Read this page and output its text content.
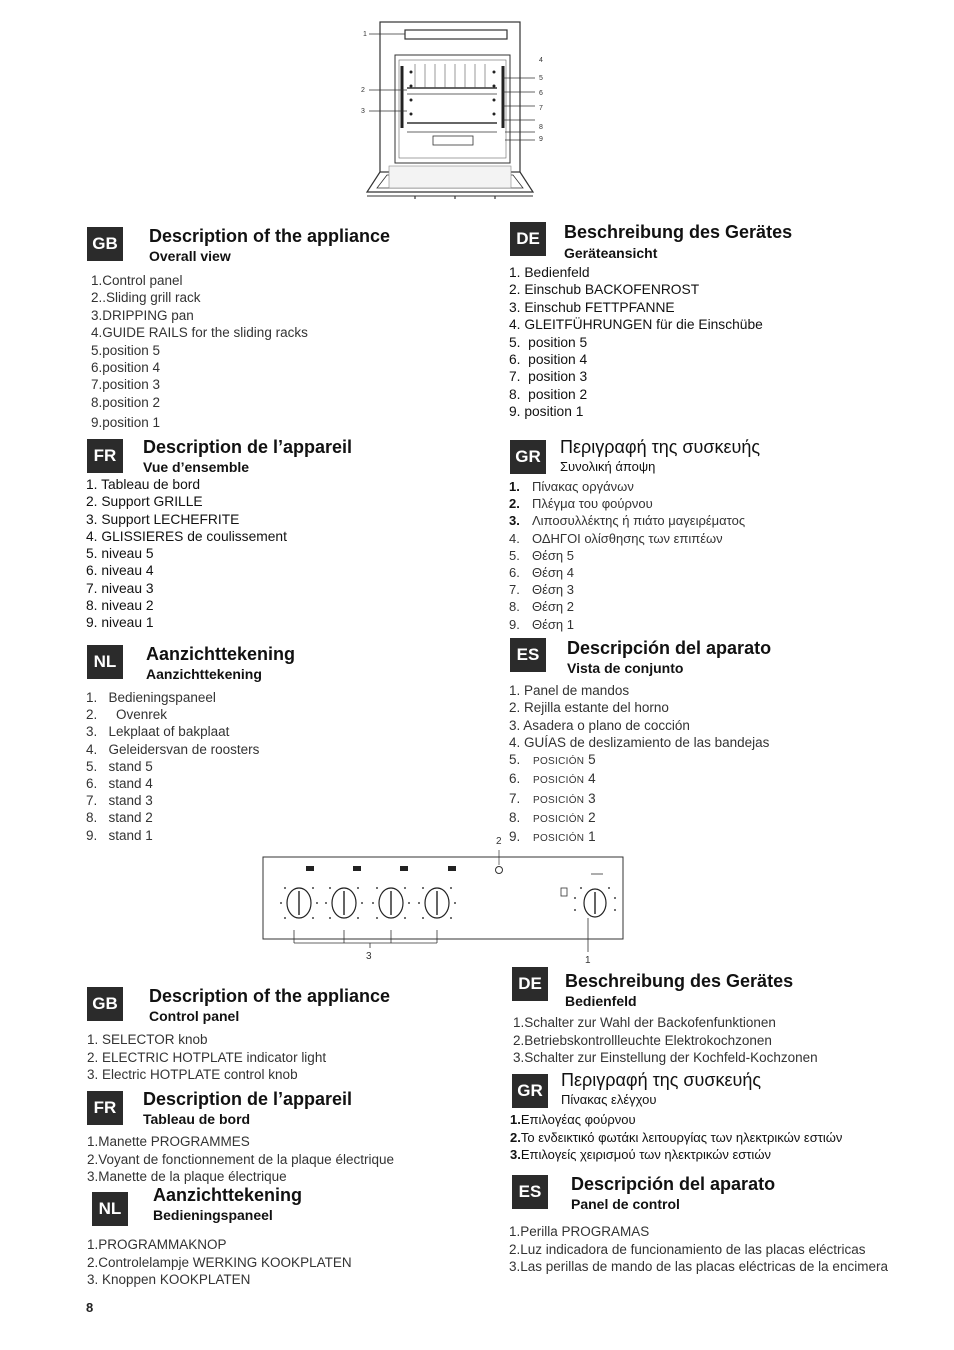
1
2
3
4
5
6
7
8
9
GB Description of the appliance
Overall view
1.Control panel
2..Sliding grill rack
3.DRIPPING pan
4.GUIDE RAILS for the sliding racks
5.position 5
6.position 4
7.position 3
8.position 2
9.position 1
FR	Description de l’appareil
Vue d’ensemble
1. Tableau de bord
2. Support GRILLE
3. Support LECHEFRITE
4. GLISSIERES de coulissement
5. niveau 5
6. niveau 4
7. niveau 3
8. niveau 2
9. niveau 1
NL	Aanzichttekening
Aanzichttekening
1.   Bedieningspaneel
2.     Ovenrek
3.   Lekplaat of bakplaat
4.   Geleidersvan de roosters
5.   stand 5
6.   stand 4
7.   stand 3
8.   stand 2
9.   stand 1
DE	Beschreibung des Gerätes
Geräteansicht
1. Bedienfeld
2. Einschub BACKOFENROST
3. Einschub FETTPFANNE
4. GLEITFÜHRUNGEN für die Einschübe
5.  position 5
6.  position 4
7.  position 3
8.  position 2
9. position 1
GR Περιγραφή της συσκευής
Συνολική άποψη
1. Πίνακας οργάνων
2. Πλέγμα του φούρνου
3. Λιποσυλλέκτης ή πιάτο μαγειρέματος
4. ΟΔΗΓΟΙ ολίσθησης των επιπέων
5. Θέση 5
6. Θέση 4
7. Θέση 3
8. Θέση 2
9. Θέση 1
ES	Descripción del aparato
Vista de conjunto
1. Panel de mandos
2. Rejilla estante del horno
3. Asadera o plano de cocción
4. GUÍAS de deslizamiento de las bandejas
5. POSICIÓN 5
6. POSICIÓN 4
7. POSICIÓN 3
8. POSICIÓN 2
9. POSICIÓN 1
2
3	1
GB Description of the appliance
Control panel
1. SELECTOR knob
2. ELECTRIC HOTPLATE indicator light
3. Electric HOTPLATE control knob
FR	Description de l’appareil
Tableau de bord
1.Manette PROGRAMMES
2.Voyant de fonctionnement de la plaque électrique
3.Manette de la plaque électrique
NL
Aanzichttekening
Bedieningspaneel
1.PROGRAMMAKNOP
2.Controlelampje WERKING KOOKPLATEN
3. Knoppen KOOKPLATEN
DE	Beschreibung des Gerätes
Bedienfeld
1.Schalter zur Wahl der Backofenfunktionen
2.Betriebskontrollleuchte Elektrokochzonen
3.Schalter zur Einstellung der Kochfeld-Kochzonen
GR
Περιγραφή της συσκευής
Πίνακας ελέγχου
1.Επιλογέας φούρνου
2.Το ενδεικτικό φωτάκι λειτουργίας των ηλεκτρικών εστιών
3.Επιλογείς χειρισμού των ηλεκτρικών εστιών
ES	Descripción del aparato
Panel de control
1.Perilla PROGRAMAS
2.Luz indicadora de funcionamiento de las placas eléctricas
3.Las perillas de mando de las placas eléctricas de la encimera
8
